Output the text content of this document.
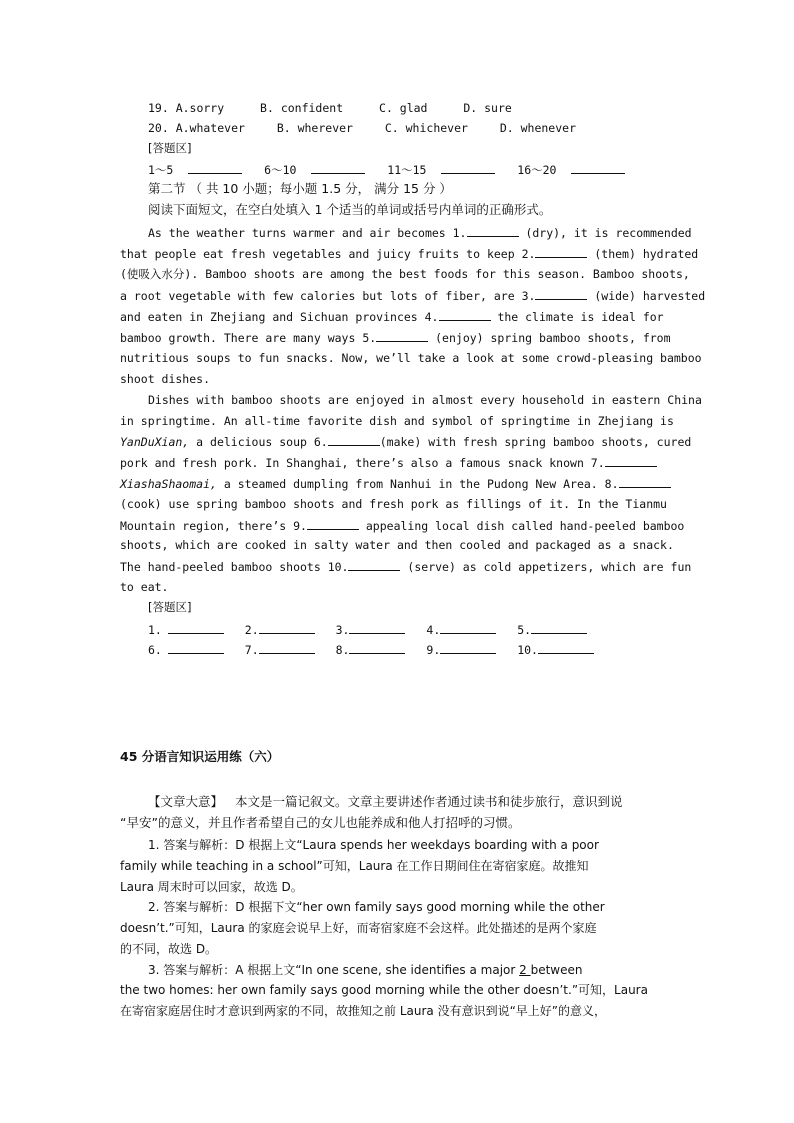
19. A.sorry	B. confident	C. glad	D. sure
20. A.whatever	B. wherever	C. whichever	D. whenever
[答题区]
1～5	6～10	11～15	16～20
第二节 （ 共 10 小题；每小题 1.5 分， 满分 15 分 ）
阅读下面短文，在空白处填入 1 个适当的单词或括号内单词的正确形式。
As the weather turns warmer and air becomes 1.	(dry), it is recommended
that people eat fresh vegetables and juicy fruits to keep 2.	(them) hydrated
(使吸入水分). Bamboo shoots are among the best foods for this season. Bamboo shoots,
a root vegetable with few calories but lots of fiber, are 3.	(wide) harvested
and eaten in Zhejiang and Sichuan provinces 4.	the climate is ideal for
bamboo growth. There are many ways 5.	(enjoy) spring bamboo shoots, from
nutritious soups to fun snacks. Now, we’ll take a look at some crowd-pleasing bamboo
shoot dishes.
Dishes with bamboo shoots are enjoyed in almost every household in eastern China
in springtime. An all-time favorite dish and symbol of springtime in Zhejiang is
YanDuXian, a delicious soup 6.	(make) with fresh spring bamboo shoots, cured
pork and fresh pork. In Shanghai, there’s also a famous snack known 7.
XiashaShaomai, a steamed dumpling from Nanhui in the Pudong New Area. 8.
(cook) use spring bamboo shoots and fresh pork as fillings of it. In the Tianmu
Mountain region, there’s 9.	appealing local dish called hand-peeled bamboo
shoots, which are cooked in salty water and then cooled and packaged as a snack.
The hand-peeled bamboo shoots 10.	(serve) as cold appetizers, which are fun
to eat.
[答题区]
1.	2.	3.	4.	5.
6.	7.	8.	9.	10.
45 分语言知识运用练（六）
【文章大意】 本文是一篇记叙文。文章主要讲述作者通过读书和徒步旅行，意识到说
“早安”的意义，并且作者希望自己的女儿也能养成和他人打招呼的习惯。
1. 答案与解析：D 根据上文“Laura spends her weekdays boarding with a poor
family while teaching in a school”可知，Laura 在工作日期间住在寄宿家庭。故推知
Laura 周末时可以回家，故选 D。
2. 答案与解析：D 根据下文“her own family says good morning while the other
doesn’t.”可知，Laura 的家庭会说早上好，而寄宿家庭不会这样。此处描述的是两个家庭
的不同，故选 D。
3. 答案与解析：A 根据上文“In one scene, she identifies a major 2 between
the two homes: her own family says good morning while the other doesn’t.”可知，Laura
在寄宿家庭居住时才意识到两家的不同，故推知之前 Laura 没有意识到说“早上好”的意义，
